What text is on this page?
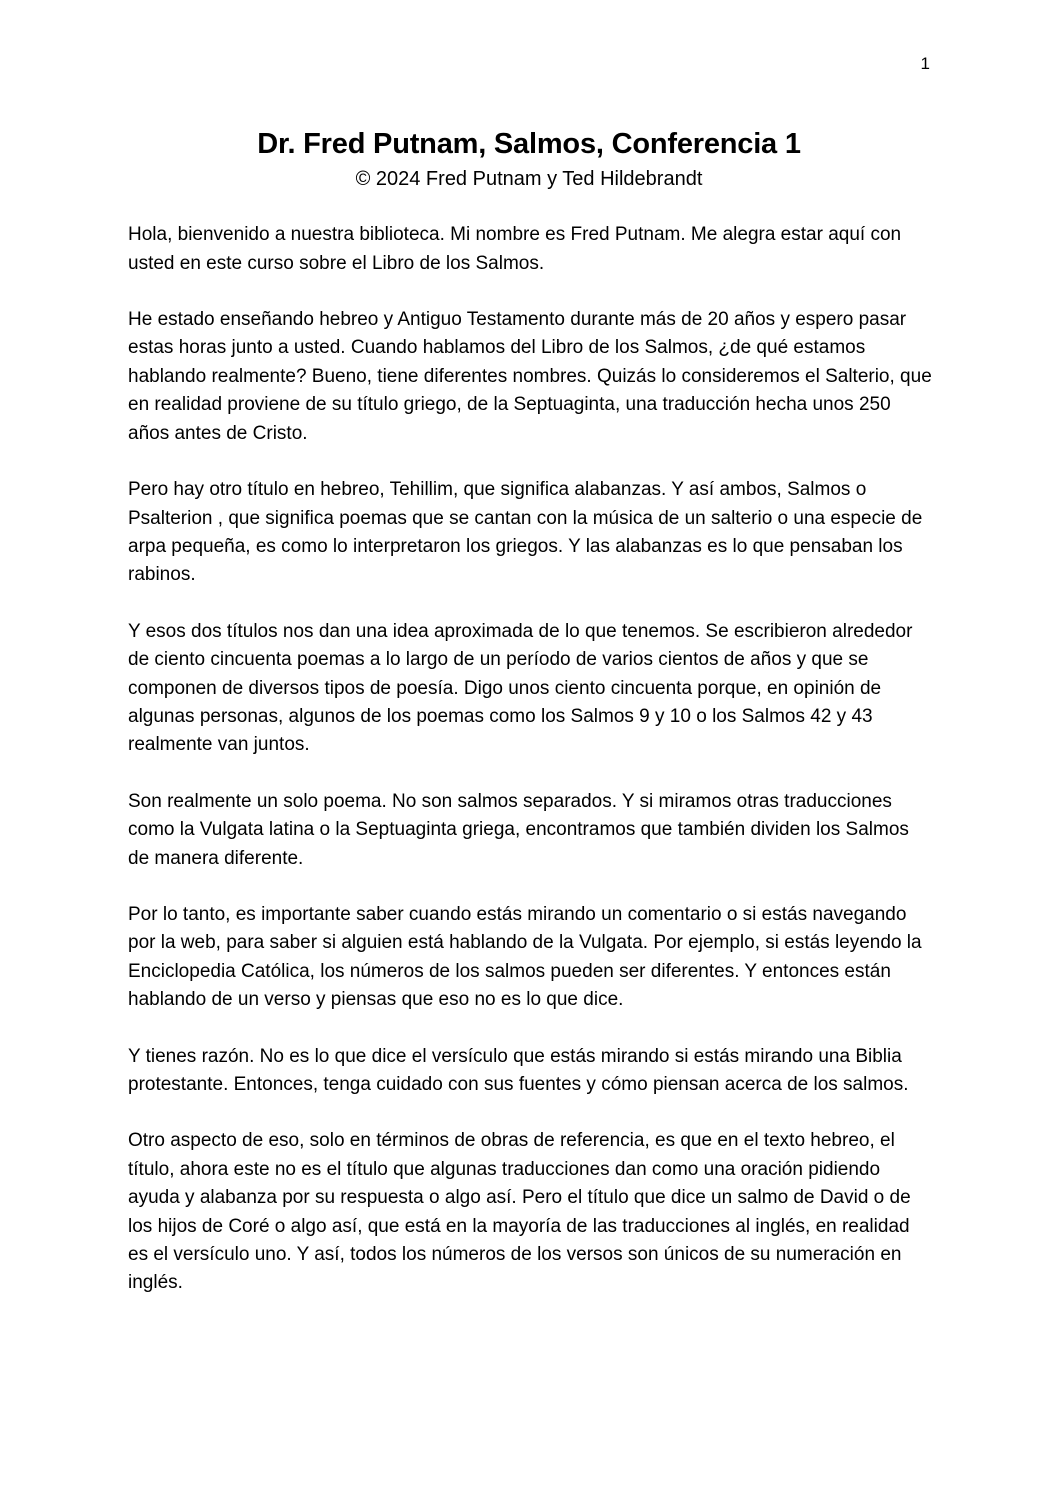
1
Dr. Fred Putnam, Salmos, Conferencia 1

© 2024 Fred Putnam y Ted Hildebrandt

Hola, bienvenido a nuestra biblioteca. Mi nombre es Fred Putnam. Me alegra estar aquí con usted en este curso sobre el Libro de los Salmos.

He estado enseñando hebreo y Antiguo Testamento durante más de 20 años y espero pasar estas horas junto a usted. Cuando hablamos del Libro de los Salmos, ¿de qué estamos hablando realmente? Bueno, tiene diferentes nombres. Quizás lo consideremos el Salterio, que en realidad proviene de su título griego, de la Septuaginta, una traducción hecha unos 250 años antes de Cristo.

Pero hay otro título en hebreo, Tehillim, que significa alabanzas. Y así ambos, Salmos o Psalterion , que significa poemas que se cantan con la música de un salterio o una especie de arpa pequeña, es como lo interpretaron los griegos. Y las alabanzas es lo que pensaban los rabinos.

Y esos dos títulos nos dan una idea aproximada de lo que tenemos. Se escribieron alrededor de ciento cincuenta poemas a lo largo de un período de varios cientos de años y que se componen de diversos tipos de poesía. Digo unos ciento cincuenta porque, en opinión de algunas personas, algunos de los poemas como los Salmos 9 y 10 o los Salmos 42 y 43 realmente van juntos.

Son realmente un solo poema. No son salmos separados. Y si miramos otras traducciones como la Vulgata latina o la Septuaginta griega, encontramos que también dividen los Salmos de manera diferente.

Por lo tanto, es importante saber cuando estás mirando un comentario o si estás navegando por la web, para saber si alguien está hablando de la Vulgata. Por ejemplo, si estás leyendo la Enciclopedia Católica, los números de los salmos pueden ser diferentes. Y entonces están hablando de un verso y piensas que eso no es lo que dice.

Y tienes razón. No es lo que dice el versículo que estás mirando si estás mirando una Biblia protestante. Entonces, tenga cuidado con sus fuentes y cómo piensan acerca de los salmos.

Otro aspecto de eso, solo en términos de obras de referencia, es que en el texto hebreo, el título, ahora este no es el título que algunas traducciones dan como una oración pidiendo ayuda y alabanza por su respuesta o algo así. Pero el título que dice un salmo de David o de los hijos de Coré o algo así, que está en la mayoría de las traducciones al inglés, en realidad es el versículo uno. Y así, todos los números de los versos son únicos de su numeración en inglés.
